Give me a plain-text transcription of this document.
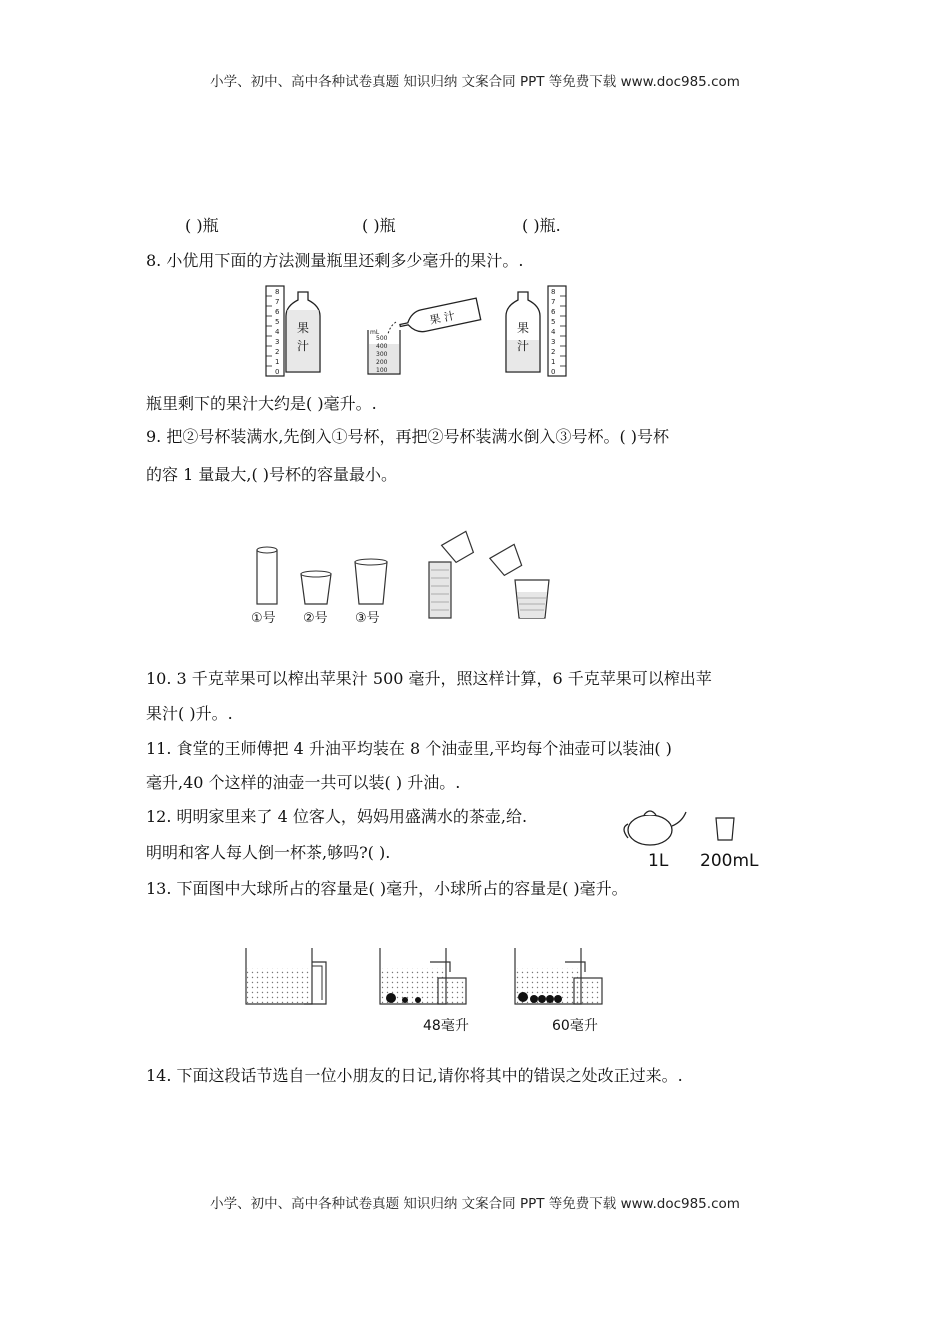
小学、初中、高中各种试卷真题 知识归纳 文案合同 PPT 等免费下载 www.doc985.com
小学、初中、高中各种试卷真题 知识归纳 文案合同 PPT 等免费下载 www.doc985.com
( )瓶	( )瓶	( )瓶.
8. 小优用下面的方法测量瓶里还剩多少毫升的果汁。.
8
7
6
5
4
3
2
1
0
果
汁
mL
500
400
300
200
100
果 汁
果
汁
8
7
6
5
4
3
2
1
0
瓶里剩下的果汁大约是( )毫升。.
9. 把②号杯装满水,先倒入①号杯，再把②号杯装满水倒入③号杯。( )号杯
的容 1 量最大,( )号杯的容量最小。
①号 ②号 ③号
10. 3 千克苹果可以榨出苹果汁 500 毫升，照这样计算，6 千克苹果可以榨出苹
果汁( )升。.
11. 食堂的王师傅把 4 升油平均装在 8 个油壶里,平均每个油壶可以装油( )
毫升,40 个这样的油壶一共可以装( ) 升油。.
12. 明明家里来了 4 位客人，妈妈用盛满水的茶壶,给.
明明和客人每人倒一杯茶,够吗?( ).	1L 200mL
13. 下面图中大球所占的容量是( )毫升，小球所占的容量是( )毫升。
48毫升	60毫升
14. 下面这段话节选自一位小朋友的日记,请你将其中的错误之处改正过来。.
